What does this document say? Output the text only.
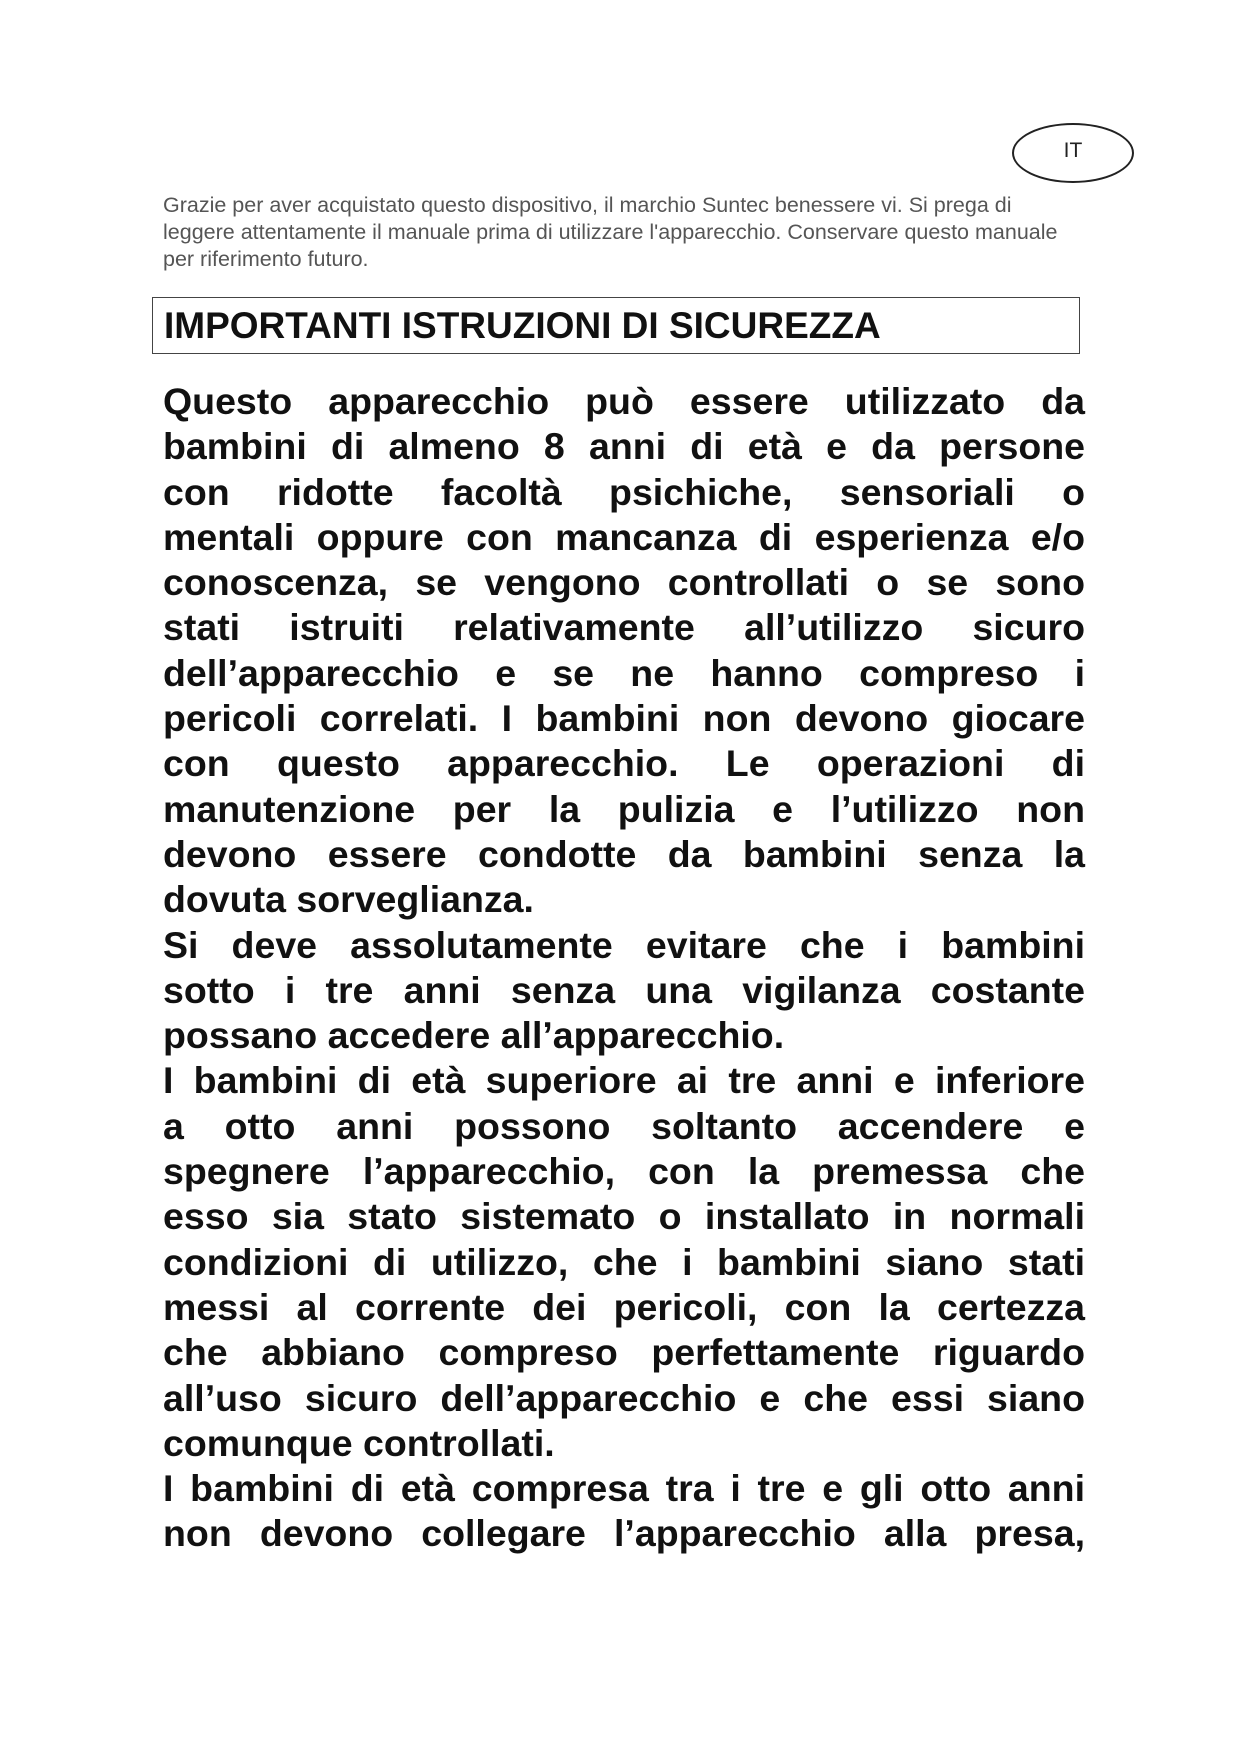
IT
Grazie per aver acquistato questo dispositivo, il marchio Suntec benessere vi. Si prega di leggere attentamente il manuale prima di utilizzare l'apparecchio. Conservare questo manuale per riferimento futuro.
IMPORTANTI ISTRUZIONI DI SICUREZZA
Questo apparecchio può essere utilizzato da
bambini di almeno 8 anni di età e da persone
con ridotte facoltà psichiche, sensoriali o
mentali oppure con mancanza di esperienza e/o
conoscenza, se vengono controllati o se sono
stati istruiti relativamente all’utilizzo sicuro
dell’apparecchio e se ne hanno compreso i
pericoli correlati. I bambini non devono giocare
con questo apparecchio. Le operazioni di
manutenzione per la pulizia e l’utilizzo non
devono essere condotte da bambini senza la
dovuta sorveglianza.
Si deve assolutamente evitare che i bambini
sotto i tre anni senza una vigilanza costante
possano accedere all’apparecchio.
I bambini di età superiore ai tre anni e inferiore
a otto anni possono soltanto accendere e
spegnere l’apparecchio, con la premessa che
esso sia stato sistemato o installato in normali
condizioni di utilizzo, che i bambini siano stati
messi al corrente dei pericoli, con la certezza
che abbiano compreso perfettamente riguardo
all’uso sicuro dell’apparecchio e che essi siano
comunque controllati.
I bambini di età compresa tra i tre e gli otto anni
non devono collegare l’apparecchio alla presa,
